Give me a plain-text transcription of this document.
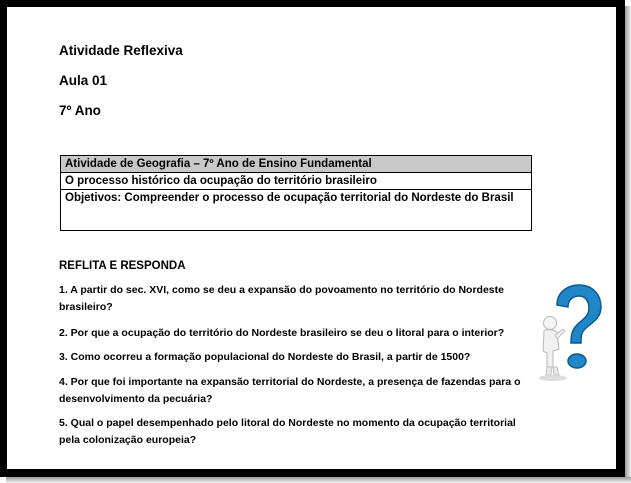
Atividade Reflexiva
Aula 01
7º Ano
Atividade de Geografia – 7º Ano de Ensino Fundamental
O processo histórico da ocupação do território brasileiro
Objetivos: Compreender o processo de ocupação territorial do Nordeste do Brasil
REFLITA E RESPONDA
1. A partir do sec. XVI, como se deu a expansão do povoamento no território do Nordeste brasileiro?
2. Por que a ocupação do território do Nordeste brasileiro se deu o litoral para o interior?
3. Como ocorreu a formação populacional do Nordeste do Brasil, a partir de 1500?
4. Por que foi importante na expansão territorial do Nordeste, a presença de fazendas para o desenvolvimento da pecuária?
5. Qual o papel desempenhado pelo litoral do Nordeste no momento da ocupação territorial pela colonização europeia?
